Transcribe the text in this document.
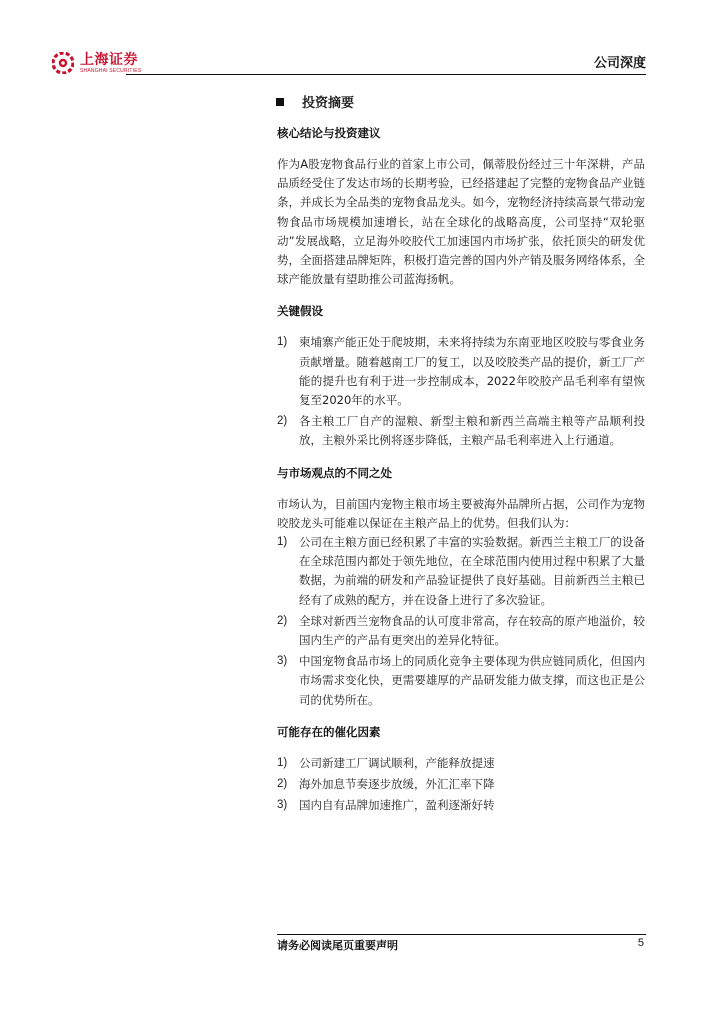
上海证券
SHANGHAI SECURITIES	公司深度
投资摘要
核心结论与投资建议

作为A股宠物食品行业的首家上市公司，佩蒂股份经过三十年深耕，产品品质经受住了发达市场的长期考验，已经搭建起了完整的宠物食品产业链条，并成长为全品类的宠物食品龙头。如今，宠物经济持续高景气带动宠物食品市场规模加速增长，站在全球化的战略高度，公司坚持“双轮驱动”发展战略，立足海外咬胶代工加速国内市场扩张，依托顶尖的研发优势，全面搭建品牌矩阵，积极打造完善的国内外产销及服务网络体系，全球产能放量有望助推公司蓝海扬帆。

关键假设
1)	柬埔寨产能正处于爬坡期，未来将持续为东南亚地区咬胶与零食业务贡献增量。随着越南工厂的复工，以及咬胶类产品的提价，新工厂产能的提升也有利于进一步控制成本，2022年咬胶产品毛利率有望恢复至2020年的水平。
2)	各主粮工厂自产的湿粮、新型主粮和新西兰高端主粮等产品顺利投放，主粮外采比例将逐步降低，主粮产品毛利率进入上行通道。
与市场观点的不同之处

市场认为，目前国内宠物主粮市场主要被海外品牌所占据，公司作为宠物咬胶龙头可能难以保证在主粮产品上的优势。但我们认为：

1)	公司在主粮方面已经积累了丰富的实验数据。新西兰主粮工厂的设备在全球范围内都处于领先地位，在全球范围内使用过程中积累了大量数据，为前端的研发和产品验证提供了良好基础。目前新西兰主粮已经有了成熟的配方，并在设备上进行了多次验证。
2)	全球对新西兰宠物食品的认可度非常高，存在较高的原产地溢价，较国内生产的产品有更突出的差异化特征。
3)	中国宠物食品市场上的同质化竞争主要体现为供应链同质化，但国内市场需求变化快，更需要雄厚的产品研发能力做支撑，而这也正是公司的优势所在。
可能存在的催化因素
1)	公司新建工厂调试顺利，产能释放提速
2)	海外加息节奏逐步放缓，外汇汇率下降
3)	国内自有品牌加速推广，盈利逐渐好转
请务必阅读尾页重要声明	5
